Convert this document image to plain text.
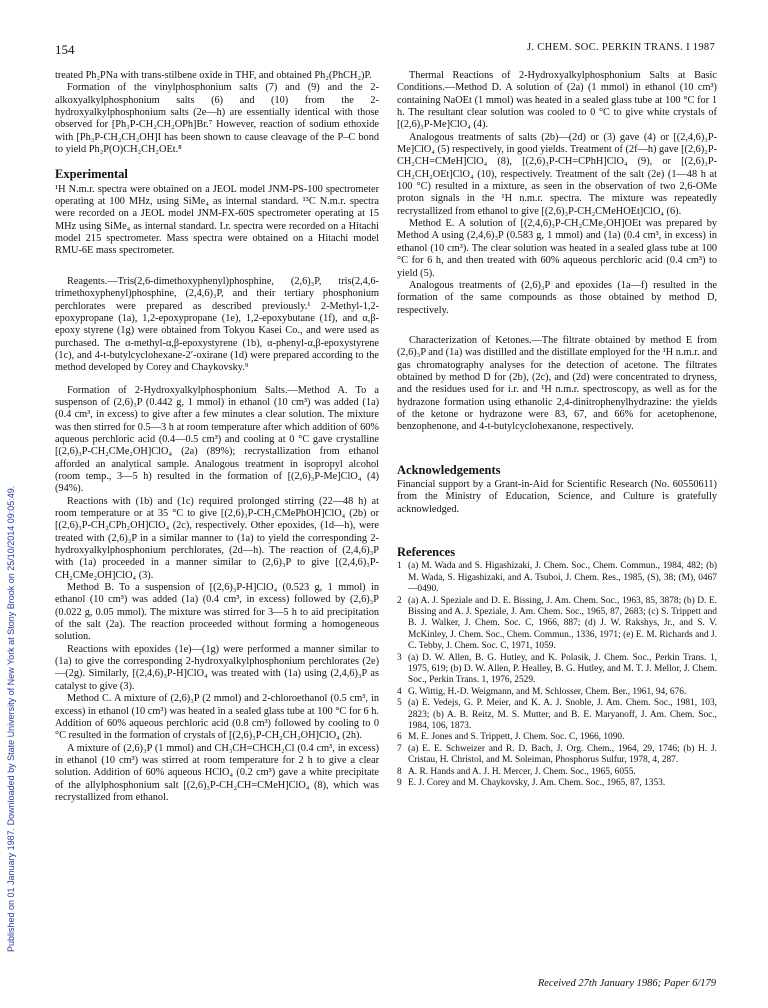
154	J. CHEM. SOC. PERKIN TRANS. I 1987
Published on 01 January 1987. Downloaded by State University of New York at Stony Brook on 25/10/2014 09:05:49.

treated Ph₂PNa with trans-stilbene oxide in THF, and obtained Ph₂(PhCH₂)P.

Formation of the vinylphosphonium salts (7) and (9) and the 2-alkoxyalkylphosphonium salts (6) and (10) from the 2-hydroxyalkylphosphonium salts (2e—h) are essentially identical with those observed for [Ph₃P-CH₂CH₂OPh]Br.⁷ However, reaction of sodium ethoxide with [Ph₃P-CH₂CH₂OH]I has been shown to cause cleavage of the P–C bond to yield Ph₂P(O)CH₂CH₂OEt.⁸

Experimental

¹H N.m.r. spectra were obtained on a JEOL model JNM-PS-100 spectrometer operating at 100 MHz, using SiMe₄ as internal standard. ¹³C N.m.r. spectra were recorded on a JEOL model JNM-FX-60S spectrometer operating at 15 MHz using SiMe₄ as internal standard. I.r. spectra were recorded on a Hitachi model 215 spectrometer. Mass spectra were obtained on a Hitachi model RMU-6E mass spectrometer.

Reagents.—Tris(2,6-dimethoxyphenyl)phosphine, (2,6)₃P, tris(2,4,6-trimethoxyphenyl)phosphine, (2,4,6)₃P, and their tertiary phosphonium perchlorates were prepared as described previously.¹ 2-Methyl-1,2-epoxypropane (1a), 1,2-epoxypropane (1e), 1,2-epoxybutane (1f), and α,β-epoxy styrene (1g) were obtained from Tokyou Kasei Co., and were used as purchased. The α-methyl-α,β-epoxystyrene (1b), α-phenyl-α,β-epoxystyrene (1c), and 4-t-butylcyclohexane-2′-oxirane (1d) were prepared according to the method developed by Corey and Chaykovsky.⁹

Formation of 2-Hydroxyalkylphosphonium Salts.—Method A. To a suspenson of (2,6)₃P (0.442 g, 1 mmol) in ethanol (10 cm³) was added (1a) (0.4 cm³, in excess) to give after a few minutes a clear solution. The mixture was then stirred for 0.5—3 h at room temperature after which addition of 60% aqueous perchloric acid (0.4—0.5 cm³) and cooling at 0 °C gave crystalline [(2,6)₃P-CH₂CMe₂OH]ClO₄ (2a) (89%); recrystallization from ethanol afforded an analytical sample. Analogous treatment in isopropyl alcohol (room temp., 3—5 h) resulted in the formation of [(2,6)₃P-Me]ClO₄ (4) (94%).

Reactions with (1b) and (1c) required prolonged stirring (22—48 h) at room temperature or at 35 °C to give [(2,6)₃P-CH₂CMePhOH]ClO₄ (2b) or [(2,6)₃P-CH₂CPh₂OH]ClO₄ (2c), respectively. Other epoxides, (1d—h), were treated with (2,6)₃P in a similar manner to (1a) to yield the corresponding 2-hydroxyalkylphosphonium perchlorates, (2d—h). The reaction of (2,4,6)₃P with (1a) proceeded in a manner similar to (2,6)₃P to give [(2,4,6)₃P-CH₂CMe₂OH]ClO₄ (3).

Method B. To a suspension of [(2,6)₃P-H]ClO₄ (0.523 g, 1 mmol) in ethanol (10 cm³) was added (1a) (0.4 cm³, in excess) followed by (2,6)₃P (0.022 g, 0.05 mmol). The mixture was stirred for 3—5 h to aid precipitation of the salt (2a). The reaction proceeded without forming a homogeneous solution.

Reactions with epoxides (1e)—(1g) were performed a manner similar to (1a) to give the corresponding 2-hydroxyalkylphosphonium perchlorates (2e)—(2g). Similarly, [(2,4,6)₃P-H]ClO₄ was treated with (1a) using (2,4,6)₃P as catalyst to give (3).

Method C. A mixture of (2,6)₃P (2 mmol) and 2-chloroethanol (0.5 cm³, in excess) in ethanol (10 cm³) was heated in a sealed glass tube at 100 °C for 6 h. Addition of 60% aqueous perchloric acid (0.8 cm³) followed by cooling to 0 °C resulted in the formation of crystals of [(2,6)₃P-CH₂CH₂OH]ClO₄ (2h).

A mixture of (2,6)₃P (1 mmol) and CH₃CH=CHCH₂Cl (0.4 cm³, in excess) in ethanol (10 cm³) was stirred at room temperature for 2 h to give a clear solution. Addition of 60% aqueous HClO₄ (0.2 cm³) gave a white precipitate of the allylphosphonium salt [(2,6)₃P-CH₂CH=CMeH]ClO₄ (8), which was recrystallized from ethanol.

Thermal Reactions of 2-Hydroxyalkylphosphonium Salts at Basic Conditions.—Method D. A solution of (2a) (1 mmol) in ethanol (10 cm³) containing NaOEt (1 mmol) was heated in a sealed glass tube at 100 °C for 1 h. The resultant clear solution was cooled to 0 °C to give white crystals of [(2,6)₃P-Me]ClO₄ (4).

Analogous treatments of salts (2b)—(2d) or (3) gave (4) or [(2,4,6)₃P-Me]ClO₄ (5) respectively, in good yields. Treatment of (2f—h) gave [(2,6)₂P-CH₂CH=CMeH]ClO₄ (8), [(2,6)₃P-CH=CPhH]ClO₄ (9), or [(2,6)₃P-CH₂CH₂OEt]ClO₄ (10), respectively. Treatment of the salt (2e) (1—48 h at 100 °C) resulted in a mixture, as seen in the observation of two 2,6-OMe proton signals in the ¹H n.m.r. spectra. The mixture was repeatedly recrystallized from ethanol to give [(2,6)₃P-CH₂CMeHOEt]ClO₄ (6).

Method E. A solution of [(2,4,6)₃P-CH₂CMe₂OH]OEt was prepared by Method A using (2,4,6)₃P (0.583 g, 1 mmol) and (1a) (0.4 cm³, in excess) in ethanol (10 cm³). The clear solution was heated in a sealed glass tube at 100 °C for 6 h, and then treated with 60% aqueous perchloric acid (0.4 cm³) to yield (5).

Analogous treatments of (2,6)₃P and epoxides (1a—f) resulted in the formation of the same compounds as those obtained by method D, respectively.

Characterization of Ketones.—The filtrate obtained by method E from (2,6)₃P and (1a) was distilled and the distillate employed for the ¹H n.m.r. and gas chromatography analyses for the detection of acetone. The filtrates obtained by method D for (2b), (2c), and (2d) were concentrated to dryness, and the residues used for i.r. and ¹H n.m.r. spectroscopy, as well as for the hydrazone formation using ethanolic 2,4-dinitrophenylhydrazine: the yields of the ketone or hydrazone were 83, 67, and 66% for acetophenone, benzophenone, and 4-t-butylcyclohexanone, respectively.

Acknowledgements

Financial support by a Grant-in-Aid for Scientific Research (No. 60550611) from the Ministry of Education, Science, and Culture is gratefully acknowledged.

References
1 (a) M. Wada and S. Higashizaki, J. Chem. Soc., Chem. Commun., 1984, 482; (b) M. Wada, S. Higashizaki, and A. Tsuboi, J. Chem. Res., 1985, (S), 38; (M), 0467—0490.
2 (a) A. J. Speziale and D. E. Bissing, J. Am. Chem. Soc., 1963, 85, 3878; (b) D. E. Bissing and A. J. Speziale, J. Am. Chem. Soc., 1965, 87, 2683; (c) S. Trippett and B. J. Walker, J. Chem. Soc. C, 1966, 887; (d) J. W. Rakshys, Jr., and S. V. McKinley, J. Chem. Soc., Chem. Commun., 1336, 1971; (e) E. M. Richards and J. C. Tebby, J. Chem. Soc. C, 1971, 1059.
3 (a) D. W. Allen, B. G. Hutley, and K. Polasik, J. Chem. Soc., Perkin Trans. 1, 1975, 619; (b) D. W. Allen, P. Healley, B. G. Hutley, and M. T. J. Mellor, J. Chem. Soc., Perkin Trans. 1, 1976, 2529.
4 G. Wittig, H.-D. Weigmann, and M. Schlosser, Chem. Ber., 1961, 94, 676.
5 (a) E. Vedejs, G. P. Meier, and K. A. J. Snoble, J. Am. Chem. Soc., 1981, 103, 2823; (b) A. B. Reitz, M. S. Mutter, and B. E. Maryanoff, J. Am. Chem. Soc., 1984, 106, 1873.
6 M. E. Jones and S. Trippett, J. Chem. Soc. C, 1966, 1090.
7 (a) E. E. Schweizer and R. D. Bach, J. Org. Chem., 1964, 29, 1746; (b) H. J. Cristau, H. Christol, and M. Soleiman, Phosphorus Sulfur, 1978, 4, 287.
8 A. R. Hands and A. J. H. Mercer, J. Chem. Soc., 1965, 6055.
9 E. J. Corey and M. Chaykovsky, J. Am. Chem. Soc., 1965, 87, 1353.
Received 27th January 1986; Paper 6/179
